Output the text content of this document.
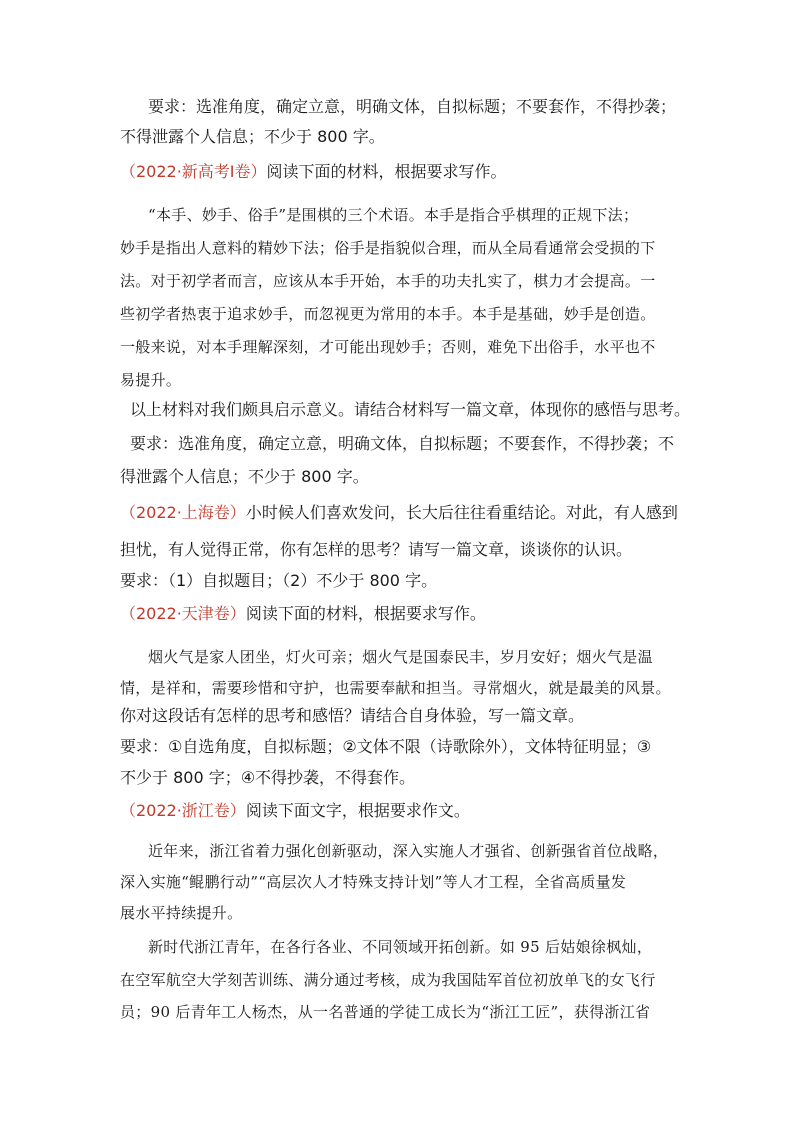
要求：选准角度，确定立意，明确文体，自拟标题；不要套作，不得抄袭；
不得泄露个人信息；不少于 800 字。
（2022·新高考Ⅰ卷）阅读下面的材料，根据要求写作。
“本手、妙手、俗手”是围棋的三个术语。本手是指合乎棋理的正规下法；
妙手是指出人意料的精妙下法；俗手是指貌似合理，而从全局看通常会受损的下
法。对于初学者而言，应该从本手开始，本手的功夫扎实了，棋力才会提高。一
些初学者热衷于追求妙手，而忽视更为常用的本手。本手是基础，妙手是创造。
一般来说，对本手理解深刻，才可能出现妙手；否则，难免下出俗手，水平也不
易提升。
以上材料对我们颇具启示意义。请结合材料写一篇文章，体现你的感悟与思考。
要求：选准角度，确定立意，明确文体，自拟标题；不要套作，不得抄袭；不
得泄露个人信息；不少于 800 字。
（2022·上海卷）小时候人们喜欢发问，长大后往往看重结论。对此，有人感到
担忧，有人觉得正常，你有怎样的思考？请写一篇文章，谈谈你的认识。
要求：（1）自拟题目；（2）不少于 800 字。
（2022·天津卷）阅读下面的材料，根据要求写作。
烟火气是家人团坐，灯火可亲；烟火气是国泰民丰，岁月安好；烟火气是温
情，是祥和，需要珍惜和守护，也需要奉献和担当。寻常烟火，就是最美的风景。
你对这段话有怎样的思考和感悟？请结合自身体验，写一篇文章。
要求：①自选角度，自拟标题；②文体不限（诗歌除外），文体特征明显；③
不少于 800 字；④不得抄袭，不得套作。
（2022·浙江卷）阅读下面文字，根据要求作文。
近年来，浙江省着力强化创新驱动，深入实施人才强省、创新强省首位战略，
深入实施“鲲鹏行动”“高层次人才特殊支持计划”等人才工程，全省高质量发
展水平持续提升。
新时代浙江青年，在各行各业、不同领域开拓创新。如 95 后姑娘徐枫灿，
在空军航空大学刻苦训练、满分通过考核，成为我国陆军首位初放单飞的女飞行
员；90 后青年工人杨杰，从一名普通的学徒工成长为“浙江工匠”，获得浙江省
